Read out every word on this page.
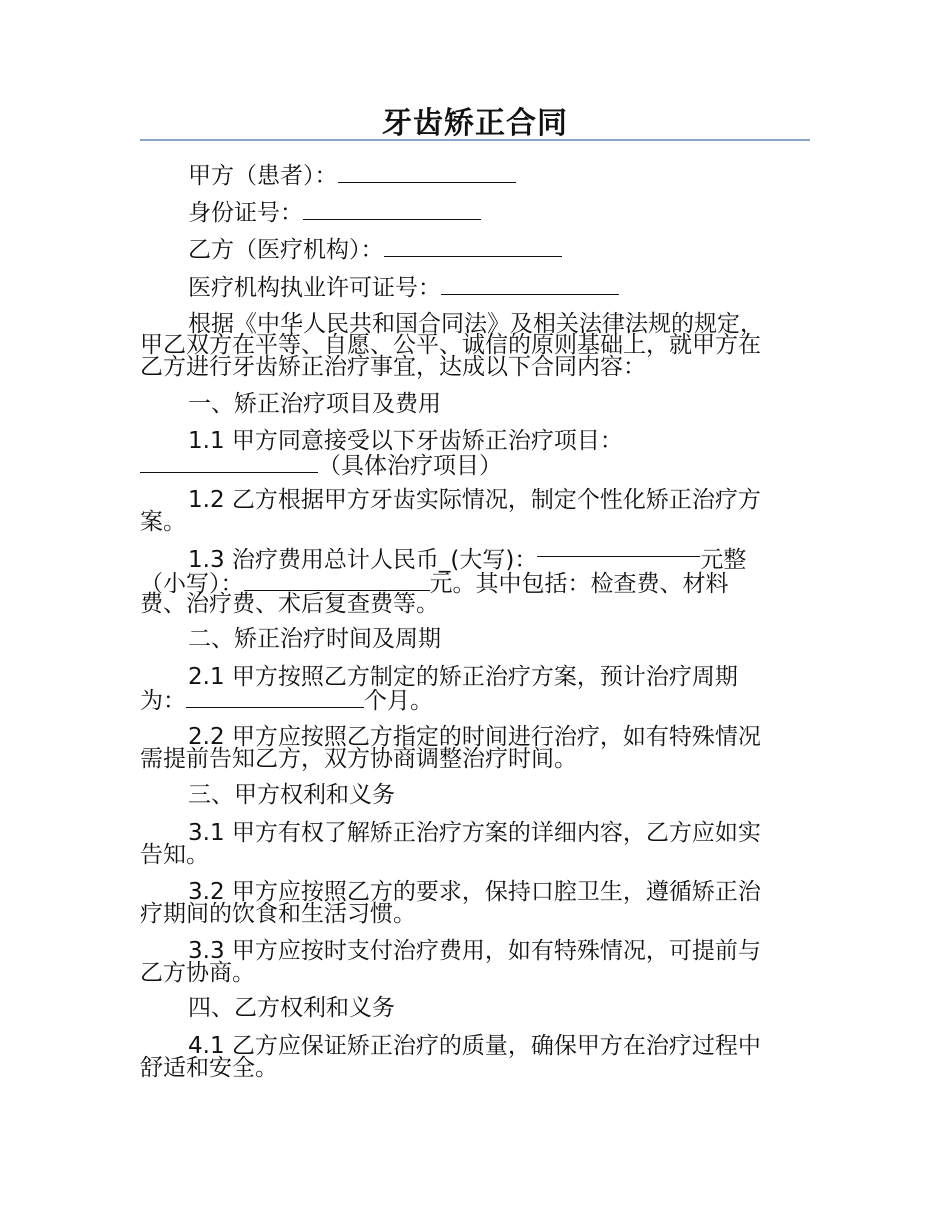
牙齿矫正合同
甲方（患者）：
身份证号：
乙方（医疗机构）：
医疗机构执业许可证号：
根据《中华人民共和国合同法》及相关法律法规的规定，
甲乙双方在平等、自愿、公平、诚信的原则基础上，就甲方在
乙方进行牙齿矫正治疗事宜，达成以下合同内容：
一、矫正治疗项目及费用
1.1 甲方同意接受以下牙齿矫正治疗项目：
（具体治疗项目）
1.2 乙方根据甲方牙齿实际情况，制定个性化矫正治疗方
案。
1.3 治疗费用总计人民币_(大写)：	元整
（小写）：	元。其中包括：检查费、材料
费、治疗费、术后复查费等。
二、矫正治疗时间及周期
2.1 甲方按照乙方制定的矫正治疗方案，预计治疗周期
为：	个月。
2.2 甲方应按照乙方指定的时间进行治疗，如有特殊情况
需提前告知乙方，双方协商调整治疗时间。
三、甲方权利和义务
3.1 甲方有权了解矫正治疗方案的详细内容，乙方应如实
告知。
3.2 甲方应按照乙方的要求，保持口腔卫生，遵循矫正治
疗期间的饮食和生活习惯。
3.3 甲方应按时支付治疗费用，如有特殊情况，可提前与
乙方协商。
四、乙方权利和义务
4.1 乙方应保证矫正治疗的质量，确保甲方在治疗过程中
舒适和安全。
